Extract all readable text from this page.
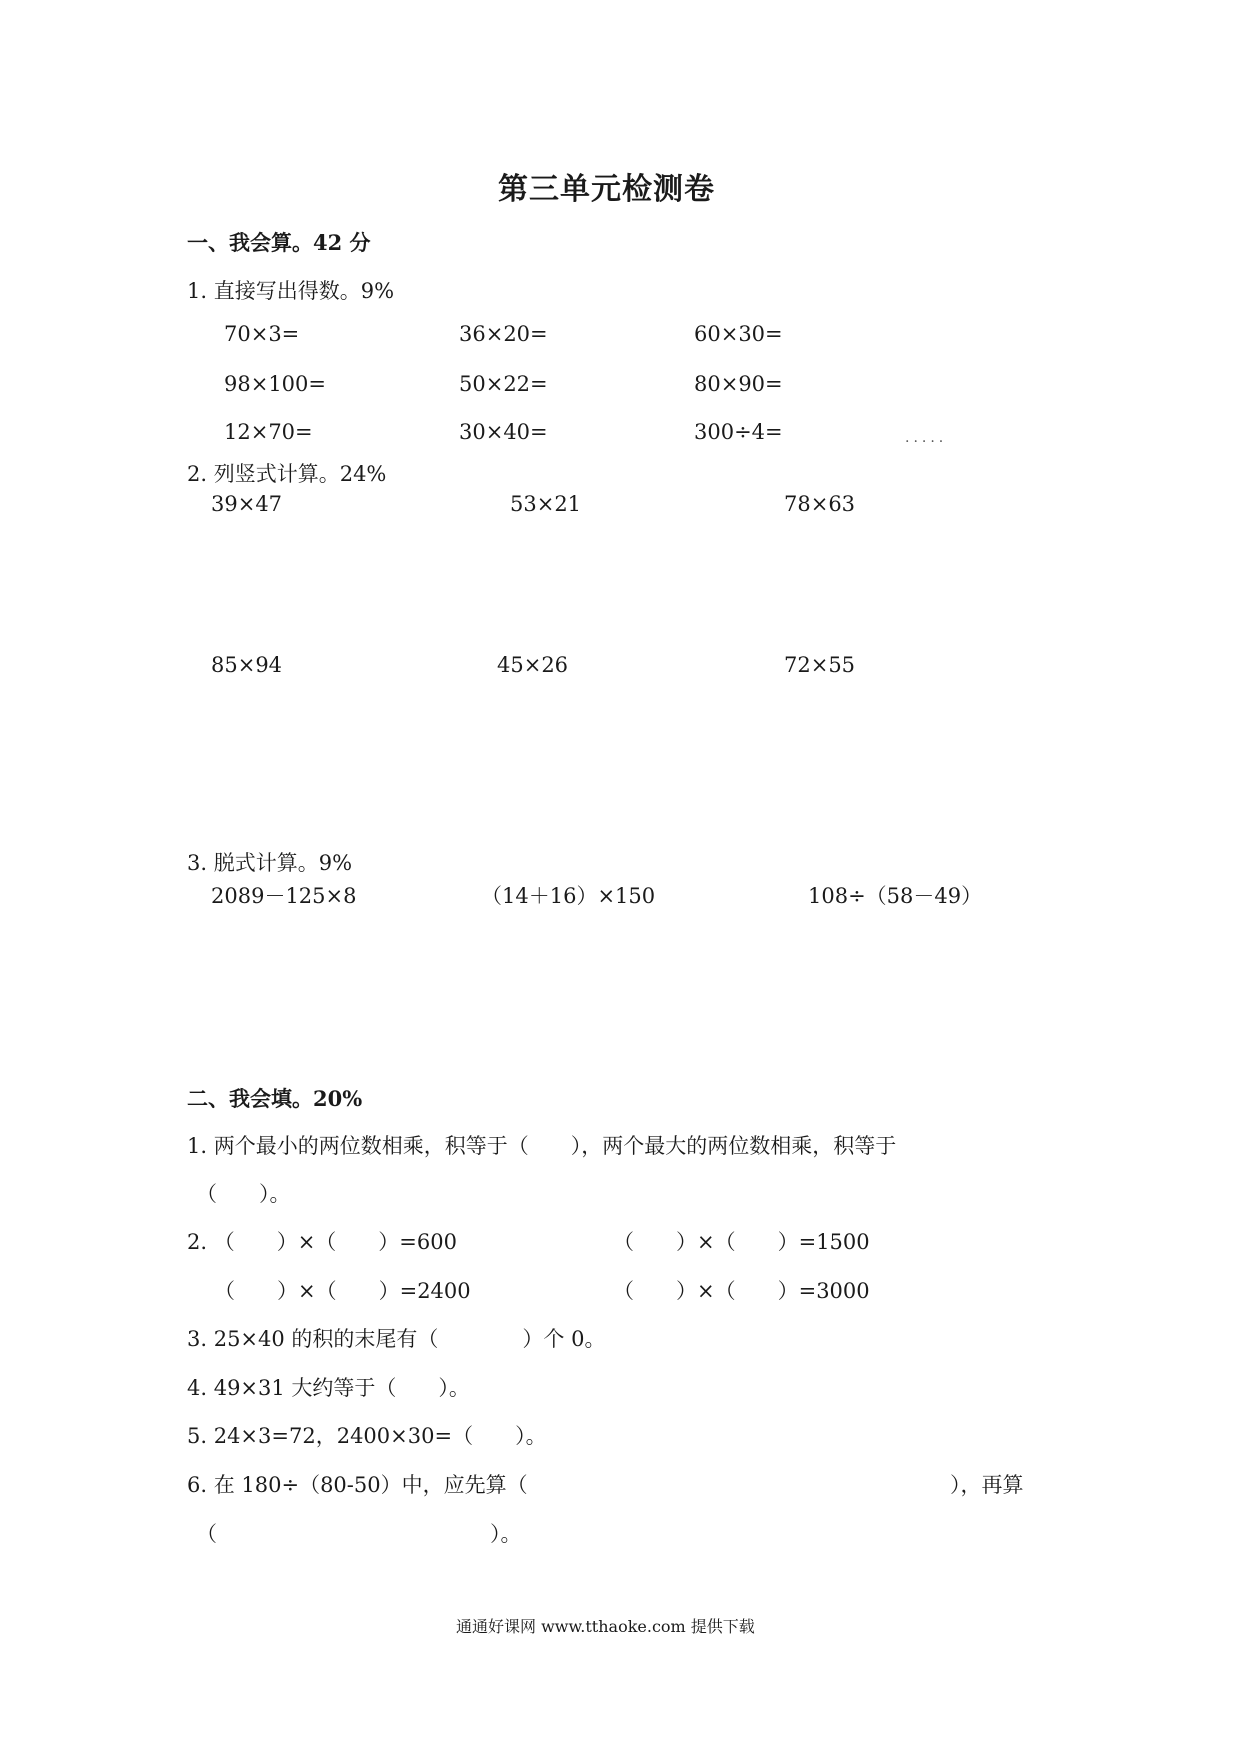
第三单元检测卷
一、我会算。42 分
1. 直接写出得数。9%
70×3=	36×20=	60×30=
98×100=	50×22=	80×90=
12×70=	30×40=	300÷4=	.....
2. 列竖式计算。24%
39×47	53×21	78×63
85×94	45×26	72×55
3. 脱式计算。9%
2089－125×8	（14＋16）×150	108÷（58－49）
二、我会填。20%
1. 两个最小的两位数相乘，积等于（　　），两个最大的两位数相乘，积等于
（　　）。
2. （　　）×（　　）=600	（　　）×（　　）=1500
（　　）×（　　）=2400	（　　）×（　　）=3000
3. 25×40 的积的末尾有（　　　　）个 0。
4. 49×31 大约等于（　　）。
5. 24×3=72，2400×30=（　　）。
6. 在 180÷（80-50）中，应先算（	），再算
（　　　　　　　　　　　　　）。
通通好课网 www.tthaoke.com 提供下载
